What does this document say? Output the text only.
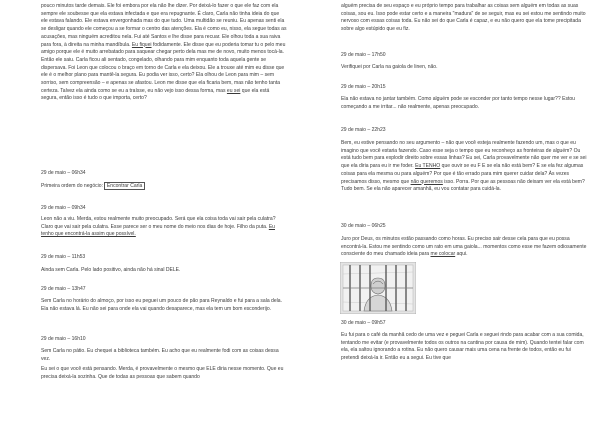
pouco minutos tarde demais. Ele foi embora por ela não lhe dizer. Por deixá-lo fazer o que ele faz com ela sempre ele soubesse que ela estava infectada e que era repugnante. É claro, Carla não tinha ideia do que ele estava falando. Ele estava envergonhada mas do que tudo. Uma multidão se reuniu. Eu apenas senti ela se desligar quando ele começou a se formar o centro das atenções. Ela é como eu, nisso, ela segue todas as acusações, mas ninguém acreditou nela. Fui até Santos e lhe disse para recuar. Ele olhou toda a sua raiva para fora, à direita na minha mandíbula. Eu fiquei fodidamente. Ele disse que eu poderia tomar tu o pelo meu amigo porque ele é muito arrebatado para saquear chegar perto dela mas me de novo, muito menos tocá-la. Então ele saiu. Carla ficou ali sentado, congelado, olhando para mim enquanto toda aquela gente se dispersava. Foi Leon que colocou o braço em torno de Carla e ela deixou. Ele a trouxe até mim eu disse que ele é o melhor plano para mantê-la segura. Eu podia ver isso, certo? Ela olhou de Leon para mim – sem sorriso, sem compreensão – e apenas se afastou. Leon me disse que ela ficaria bem, mas não tenho tanta certeza. Talvez ela ainda como se eu a traísse, eu não vejo isso dessa forma, mas eu sei que ela está segura, então isso é tudo o que importa, certo?

29 de maio – 06h34

Primeira ordem do negócio: Encontrar Carla

29 de maio – 09h34

Leon não a viu. Merda, estou realmente muito preocupado. Será que ela coisa toda vai sair pela culatra? Claro que vai sair pela culatra. Esse parece ser o meu nome do meio nos dias de hoje. Filho da puta. Eu tenho que encontrá-la assim que possível.

29 de maio – 11h53

Ainda sem Carla. Pelo lado positivo, ainda não há sinal DELE.

29 de maio – 13h47

Sem Carla no horário do almoço, por isso eu peguei um pouco de pão para Reynaldo e fui para a sala dela. Ela não estava lá. Eu não sei para onde ela vai quando desaparece, mas ela tem um bom esconderijo.

29 de maio – 16h10

Sem Carla no pátio. Eu chequei a biblioteca também. Eu acho que eu realmente fodi com as coisas dessa vez.

Eu sei o que você está pensando. Merda, é provavelmente o mesmo que ELE diria nesse momento. Que eu precisa deixá-la sozinha. Que de todas as pessoas que sabem quando

alguém precisa de seu espaço e eu próprio tempo para trabalhar as coisas sem alguém em todas as suas coisas, sou eu. Isso pode estar certo e a maneira "madura" de se seguir, mas eu sei estou me sentindo muito nervoso com essas coisas toda. Eu não sei do que Carla é capaz, e eu não quero que ela tome precipitada sobre algo estúpido que eu fiz.

29 de maio – 17h50

Verifiquei por Carla na gaiola de linen, não.

29 de maio – 20h15

Ela não estava no jantar também. Como alguém pode se esconder por tanto tempo nesse lugar?? Estou começando a me irritar... não realmente, apenas preocupado.

29 de maio – 22h23

Bem, eu estive pensando no seu argumento – não que você esteja realmente fazendo um, mas o que eu imagino que você estaria fazendo. Caso esse seja o tempo que eu reconheço as fronteiras de alguém? Ou está tudo bem para explodir direito sobre essas linhas? Eu sei, Carla provavelmente não quer me ver e se sei que ela diria para eu ir me foder. Eu TENHO que ouvir se eu F E se ela não está bem? E se ela fez algumas coisas para ela mesma ou para alguém? Por que é tão errado para mim querer cuidar dela? Às vezes precisamos disso, mesmo que não queremos isso. Porra. Por que as pessoas não deixam ver ela está bem? Tudo bem. Se ela não aparecer amanhã, eu vou contatar para cuidá-la.

30 de maio – 06h25

Juro por Deus, os minutos estão passando como horas. Eu preciso sair desse cela para que eu possa encontrá-la. Estou me sentindo como um rato em uma gaiola... momentos como esse me fazem odiosamente consciente do meu chamado ideia para me colocar aqui.

30 de maio – 09h57

Eu fui para o café da manhã cedo de uma vez e peguei Carla e seguei rindo para acabar com a sua comida, tentando me evitar (e provavelmente todos os outros na cantina por causa de mim). Quando tentei falar com ela, ela saltou ignorando a rotina. Eu não quero causar mais uma cena na frente de todos, então eu fui pretendi deixá-la ir. Então eu a segui. Eu tive que
